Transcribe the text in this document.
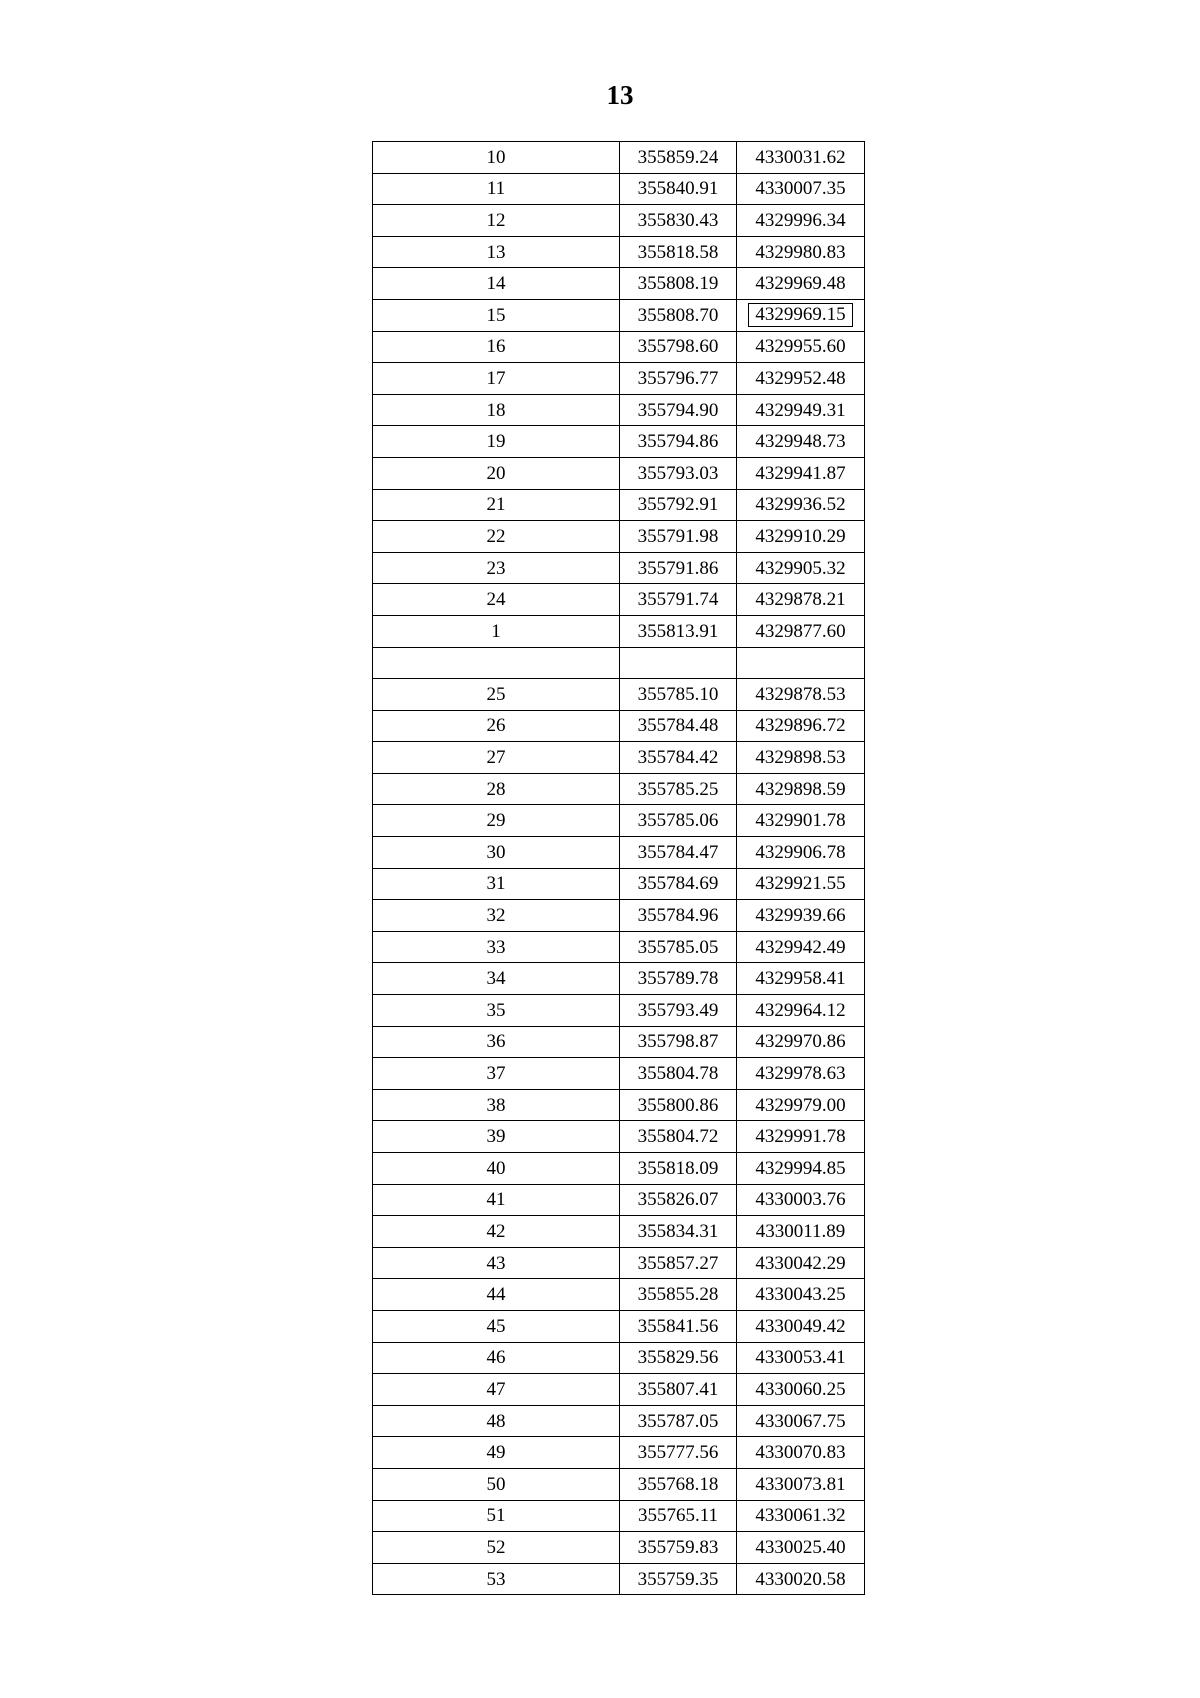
13
10	355859.24	4330031.62
11	355840.91	4330007.35
12	355830.43	4329996.34
13	355818.58	4329980.83
14	355808.19	4329969.48
15	355808.70	4329969.15
16	355798.60	4329955.60
17	355796.77	4329952.48
18	355794.90	4329949.31
19	355794.86	4329948.73
20	355793.03	4329941.87
21	355792.91	4329936.52
22	355791.98	4329910.29
23	355791.86	4329905.32
24	355791.74	4329878.21
1	355813.91	4329877.60

25	355785.10	4329878.53
26	355784.48	4329896.72
27	355784.42	4329898.53
28	355785.25	4329898.59
29	355785.06	4329901.78
30	355784.47	4329906.78
31	355784.69	4329921.55
32	355784.96	4329939.66
33	355785.05	4329942.49
34	355789.78	4329958.41
35	355793.49	4329964.12
36	355798.87	4329970.86
37	355804.78	4329978.63
38	355800.86	4329979.00
39	355804.72	4329991.78
40	355818.09	4329994.85
41	355826.07	4330003.76
42	355834.31	4330011.89
43	355857.27	4330042.29
44	355855.28	4330043.25
45	355841.56	4330049.42
46	355829.56	4330053.41
47	355807.41	4330060.25
48	355787.05	4330067.75
49	355777.56	4330070.83
50	355768.18	4330073.81
51	355765.11	4330061.32
52	355759.83	4330025.40
53	355759.35	4330020.58
